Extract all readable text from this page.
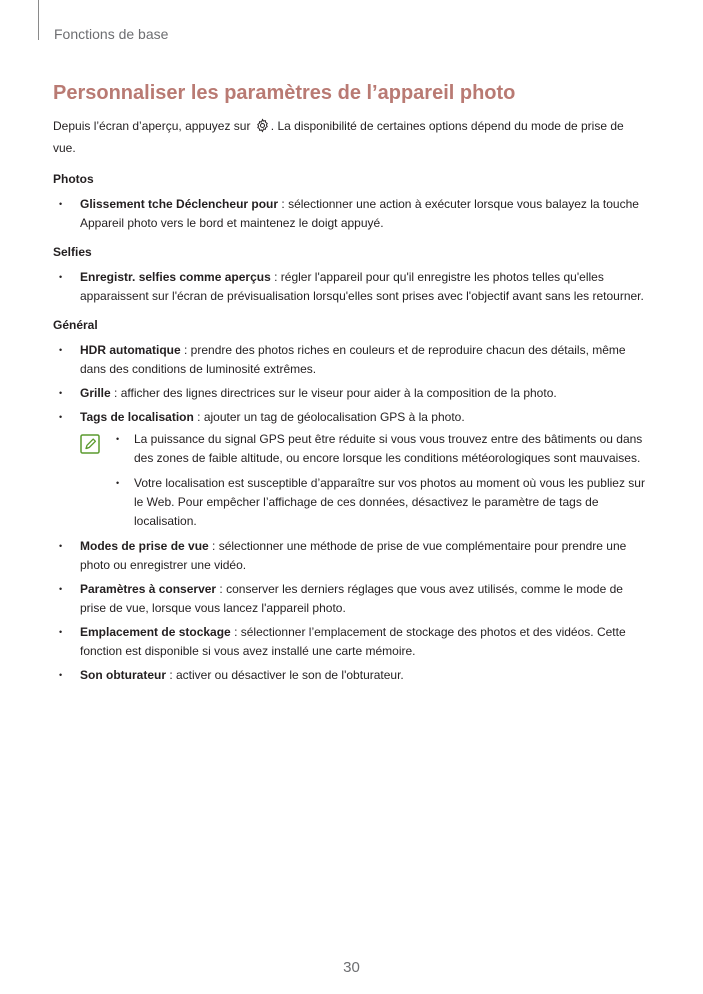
Fonctions de base
Personnaliser les paramètres de l’appareil photo

Depuis l’écran d’aperçu, appuyez sur . La disponibilité de certaines options dépend du mode de prise de vue.

Photos
• Glissement tche Déclencheur pour : sélectionner une action à exécuter lorsque vous balayez la touche Appareil photo vers le bord et maintenez le doigt appuyé.
Selfies
• Enregistr. selfies comme aperçus : régler l'appareil pour qu'il enregistre les photos telles qu'elles apparaissent sur l'écran de prévisualisation lorsqu'elles sont prises avec l'objectif avant sans les retourner.
Général
• HDR automatique : prendre des photos riches en couleurs et de reproduire chacun des détails, même dans des conditions de luminosité extrêmes.
• Grille : afficher des lignes directrices sur le viseur pour aider à la composition de la photo.
• Tags de localisation : ajouter un tag de géolocalisation GPS à la photo.
• La puissance du signal GPS peut être réduite si vous vous trouvez entre des bâtiments ou dans des zones de faible altitude, ou encore lorsque les conditions météorologiques sont mauvaises.
• Votre localisation est susceptible d’apparaître sur vos photos au moment où vous les publiez sur le Web. Pour empêcher l’affichage de ces données, désactivez le paramètre de tags de localisation.
• Modes de prise de vue : sélectionner une méthode de prise de vue complémentaire pour prendre une photo ou enregistrer une vidéo.
• Paramètres à conserver : conserver les derniers réglages que vous avez utilisés, comme le mode de prise de vue, lorsque vous lancez l'appareil photo.
• Emplacement de stockage : sélectionner l’emplacement de stockage des photos et des vidéos. Cette fonction est disponible si vous avez installé une carte mémoire.
• Son obturateur : activer ou désactiver le son de l'obturateur.
30
